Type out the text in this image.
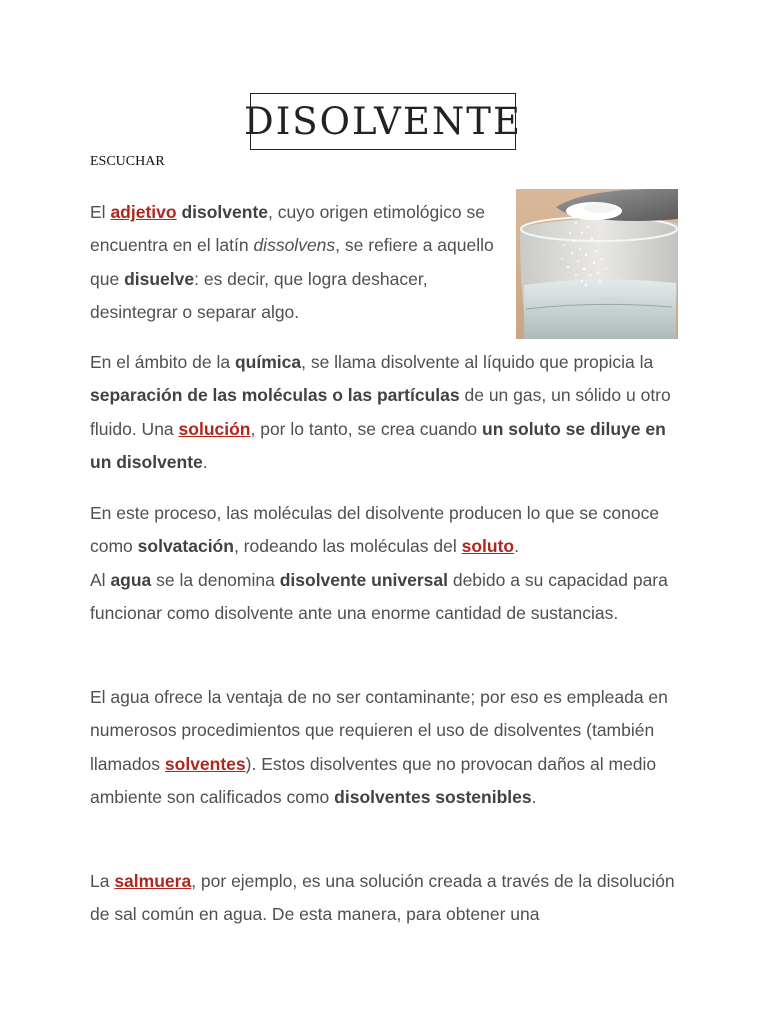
DISOLVENTE
ESCUCHAR
El adjetivo disolvente, cuyo origen etimológico se encuentra en el latín dissolvens, se refiere a aquello que disuelve: es decir, que logra deshacer, desintegrar o separar algo.
En el ámbito de la química, se llama disolvente al líquido que propicia la separación de las moléculas o las partículas de un gas, un sólido u otro fluido. Una solución, por lo tanto, se crea cuando un soluto se diluye en un disolvente.
En este proceso, las moléculas del disolvente producen lo que se conoce como solvatación, rodeando las moléculas del soluto.
Al agua se la denomina disolvente universal debido a su capacidad para funcionar como disolvente ante una enorme cantidad de sustancias.
El agua ofrece la ventaja de no ser contaminante; por eso es empleada en numerosos procedimientos que requieren el uso de disolventes (también llamados solventes). Estos disolventes que no provocan daños al medio ambiente son calificados como disolventes sostenibles.
La salmuera, por ejemplo, es una solución creada a través de la disolución de sal común en agua. De esta manera, para obtener una
